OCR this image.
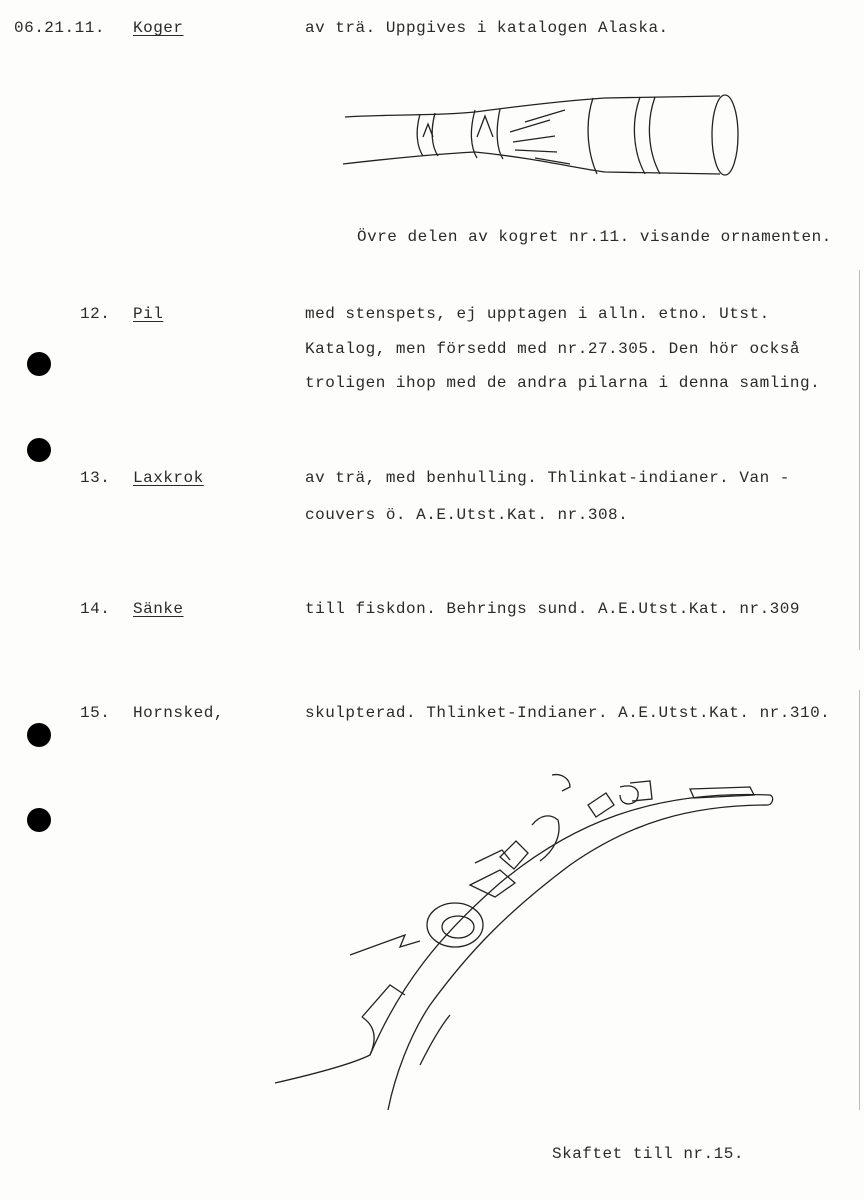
06.21.11. Koger	av trä. Uppgives i katalogen Alaska.
Övre delen av kogret nr.11. visande ornamenten.
12. Pil	med stenspets, ej upptagen i alln. etno. Utst.
Katalog, men försedd med nr.27.305. Den hör också
troligen ihop med de andra pilarna i denna samling.
13. Laxkrok	av trä, med benhulling. Thlinkat-indianer. Van -
couvers ö. A.E.Utst.Kat. nr.308.
14. Sänke	till fiskdon. Behrings sund. A.E.Utst.Kat. nr.309
15. Hornsked,	skulpterad. Thlinket-Indianer. A.E.Utst.Kat. nr.310.
Skaftet till nr.15.
